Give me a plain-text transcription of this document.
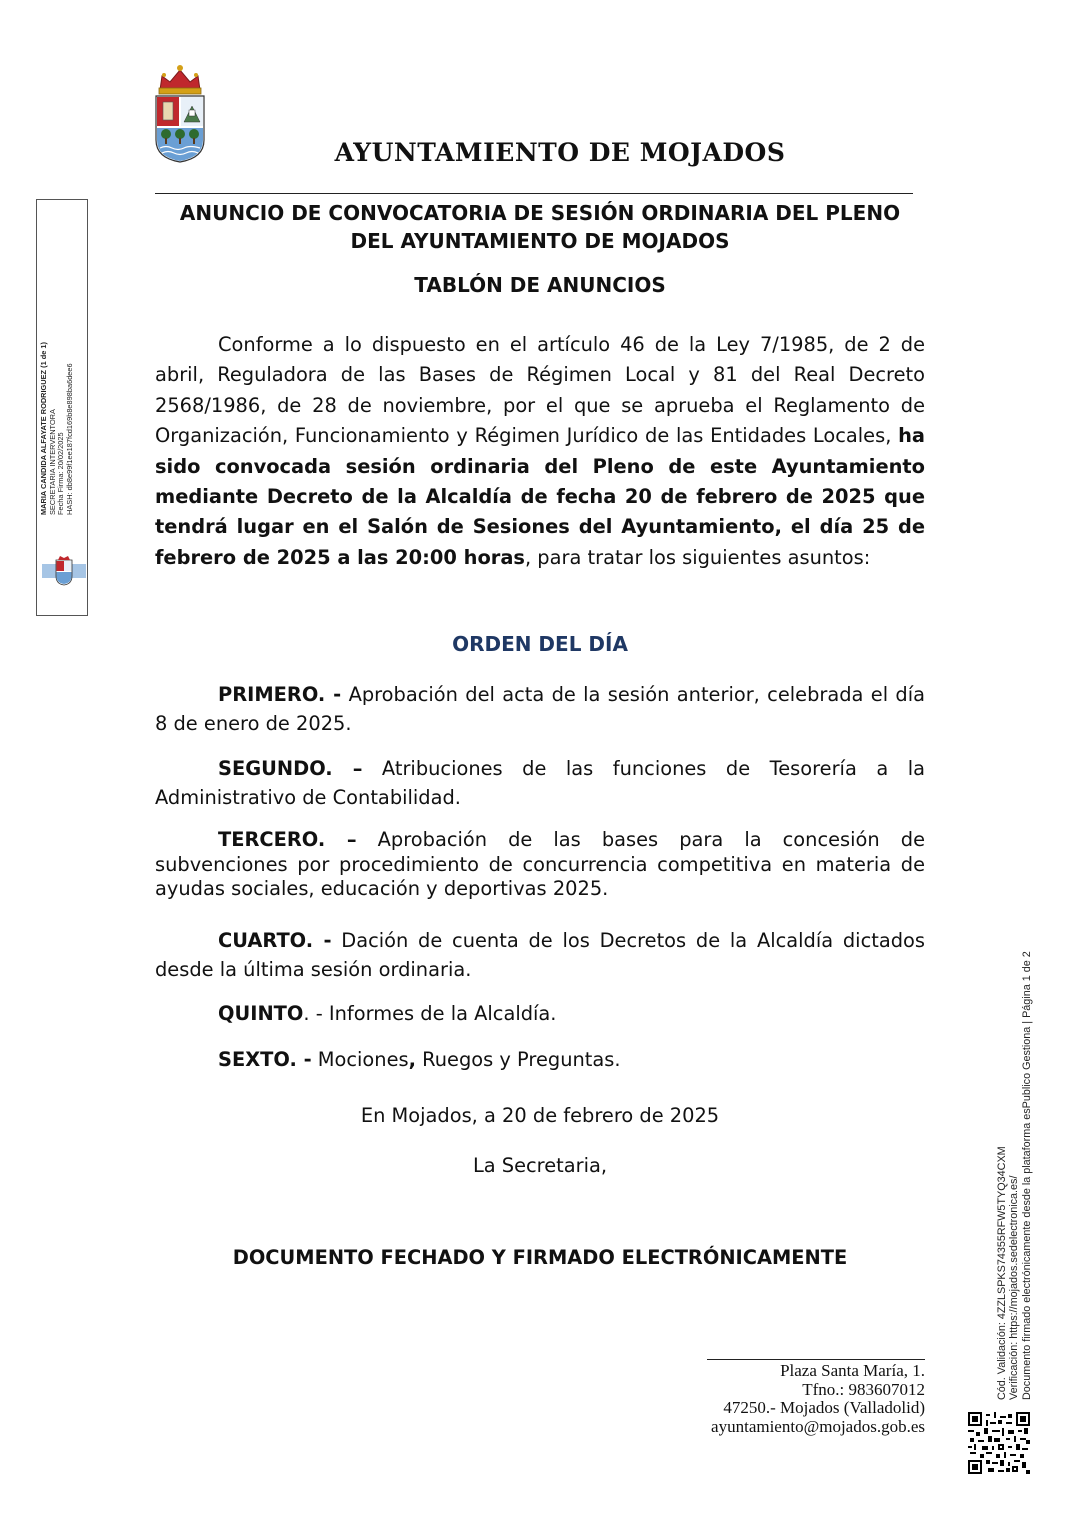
AYUNTAMIENTO DE MOJADOS
ANUNCIO DE CONVOCATORIA DE SESIÓN ORDINARIA DEL PLENO
DEL AYUNTAMIENTO DE MOJADOS
TABLÓN DE ANUNCIOS
Conforme a lo dispuesto en el artículo 46 de la Ley 7/1985, de 2 de abril, Reguladora de las Bases de Régimen Local y 81 del Real Decreto 2568/1986, de 28 de noviembre, por el que se aprueba el Reglamento de Organización, Funcionamiento y Régimen Jurídico de las Entidades Locales, ha sido convocada sesión ordinaria del Pleno de este Ayuntamiento mediante Decreto de la Alcaldía de fecha 20 de febrero de 2025 que tendrá lugar en el Salón de Sesiones del Ayuntamiento, el día 25 de febrero de 2025 a las 20:00 horas, para tratar los siguientes asuntos:
ORDEN DEL DÍA
PRIMERO. - Aprobación del acta de la sesión anterior, celebrada el día 8 de enero de 2025.
SEGUNDO. – Atribuciones de las funciones de Tesorería a la Administrativo de Contabilidad.
TERCERO. – Aprobación de las bases para la concesión de subvenciones por procedimiento de concurrencia competitiva en materia de ayudas sociales, educación y deportivas 2025.
CUARTO. - Dación de cuenta de los Decretos de la Alcaldía dictados desde la última sesión ordinaria.
QUINTO. - Informes de la Alcaldía.
SEXTO. - Mociones, Ruegos y Preguntas.
En Mojados, a 20 de febrero de 2025
La Secretaria,
DOCUMENTO FECHADO Y FIRMADO ELECTRÓNICAMENTE
Plaza Santa María, 1.
Tfno.: 983607012
47250.- Mojados (Valladolid)
ayuntamiento@mojados.gob.es
MARIA CANDIDA ALFAYATE RODRIGUEZ (1 de 1) SECRETARIA INTERVENTORA Fecha Firma: 20/02/2025 HASH: db8e99f1ee187fcd169b8e898ba6dee6
Cód. Validación: 4ZZLSPKS74355RFW5TYQ34CXM Verificación: https://mojados.sedelectronica.es/ Documento firmado electrónicamente desde la plataforma esPublico Gestiona | Página 1 de 2
